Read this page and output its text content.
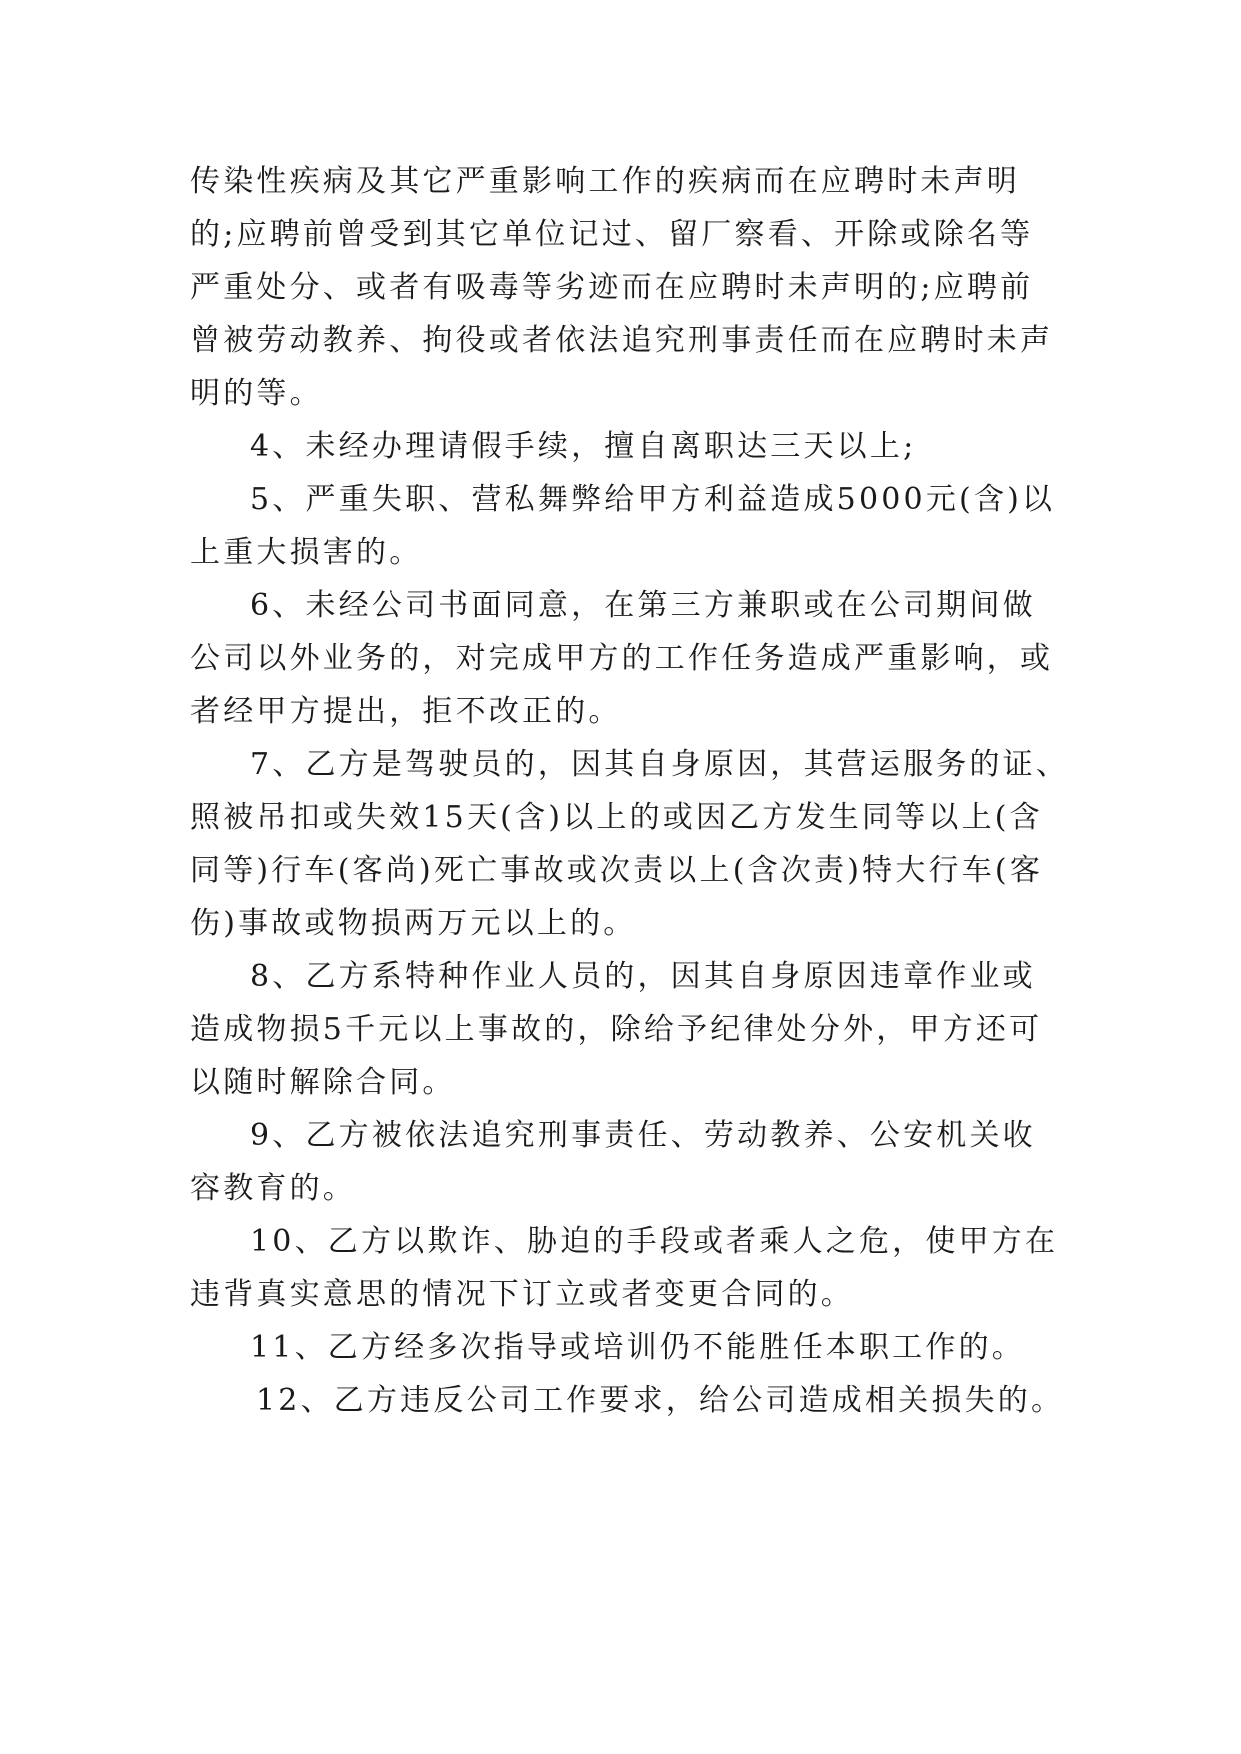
传染性疾病及其它严重影响工作的疾病而在应聘时未声明
的;应聘前曾受到其它单位记过、留厂察看、开除或除名等
严重处分、或者有吸毒等劣迹而在应聘时未声明的;应聘前
曾被劳动教养、拘役或者依法追究刑事责任而在应聘时未声
明的等。
4、未经办理请假手续，擅自离职达三天以上;
5、严重失职、营私舞弊给甲方利益造成5000元(含)以
上重大损害的。
6、未经公司书面同意，在第三方兼职或在公司期间做
公司以外业务的，对完成甲方的工作任务造成严重影响，或
者经甲方提出，拒不改正的。
7、乙方是驾驶员的，因其自身原因，其营运服务的证、
照被吊扣或失效15天(含)以上的或因乙方发生同等以上(含
同等)行车(客尚)死亡事故或次责以上(含次责)特大行车(客
伤)事故或物损两万元以上的。
8、乙方系特种作业人员的，因其自身原因违章作业或
造成物损5千元以上事故的，除给予纪律处分外，甲方还可
以随时解除合同。
9、乙方被依法追究刑事责任、劳动教养、公安机关收
容教育的。
10、乙方以欺诈、胁迫的手段或者乘人之危，使甲方在
违背真实意思的情况下订立或者变更合同的。
11、乙方经多次指导或培训仍不能胜任本职工作的。
12、乙方违反公司工作要求，给公司造成相关损失的。
